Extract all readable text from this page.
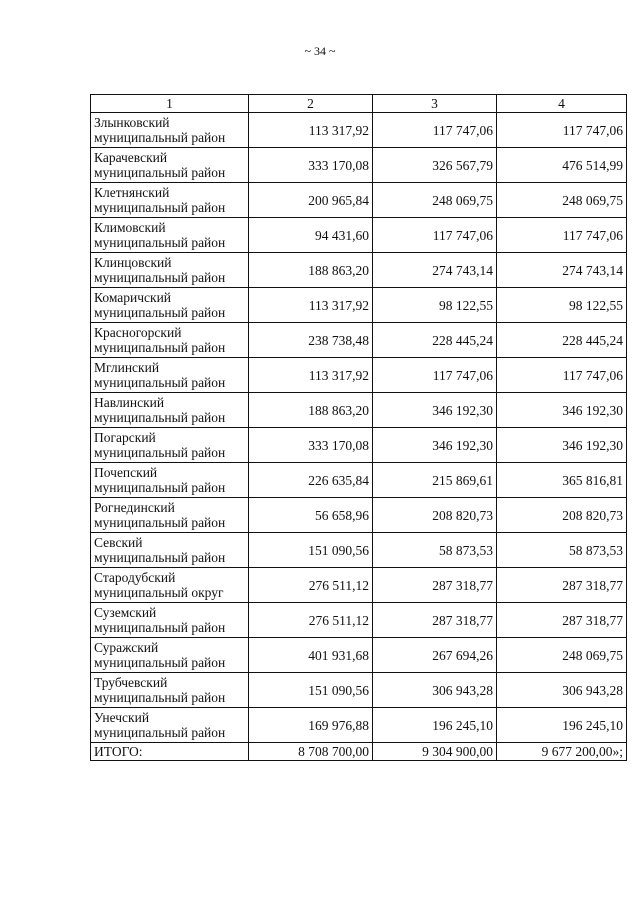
~ 34 ~
1	2	3	4

Злынковский
муниципальный район	113 317,92	117 747,06	117 747,06

Карачевский
муниципальный район	333 170,08	326 567,79	476 514,99

Клетнянский
муниципальный район	200 965,84	248 069,75	248 069,75

Климовский
муниципальный район	94 431,60	117 747,06	117 747,06

Клинцовский
муниципальный район	188 863,20	274 743,14	274 743,14

Комаричский
муниципальный район	113 317,92	98 122,55	98 122,55

Красногорский
муниципальный район	238 738,48	228 445,24	228 445,24

Мглинский
муниципальный район	113 317,92	117 747,06	117 747,06

Навлинский
муниципальный район	188 863,20	346 192,30	346 192,30

Погарский
муниципальный район	333 170,08	346 192,30	346 192,30

Почепский
муниципальный район	226 635,84	215 869,61	365 816,81

Рогнединский
муниципальный район	56 658,96	208 820,73	208 820,73

Севский
муниципальный район	151 090,56	58 873,53	58 873,53

Стародубский
муниципальный округ	276 511,12	287 318,77	287 318,77

Суземский
муниципальный район	276 511,12	287 318,77	287 318,77

Суражский
муниципальный район	401 931,68	267 694,26	248 069,75

Трубчевский
муниципальный район	151 090,56	306 943,28	306 943,28

Унечский
муниципальный район	169 976,88	196 245,10	196 245,10
ИТОГО:	8 708 700,00	9 304 900,00	9 677 200,00»;
